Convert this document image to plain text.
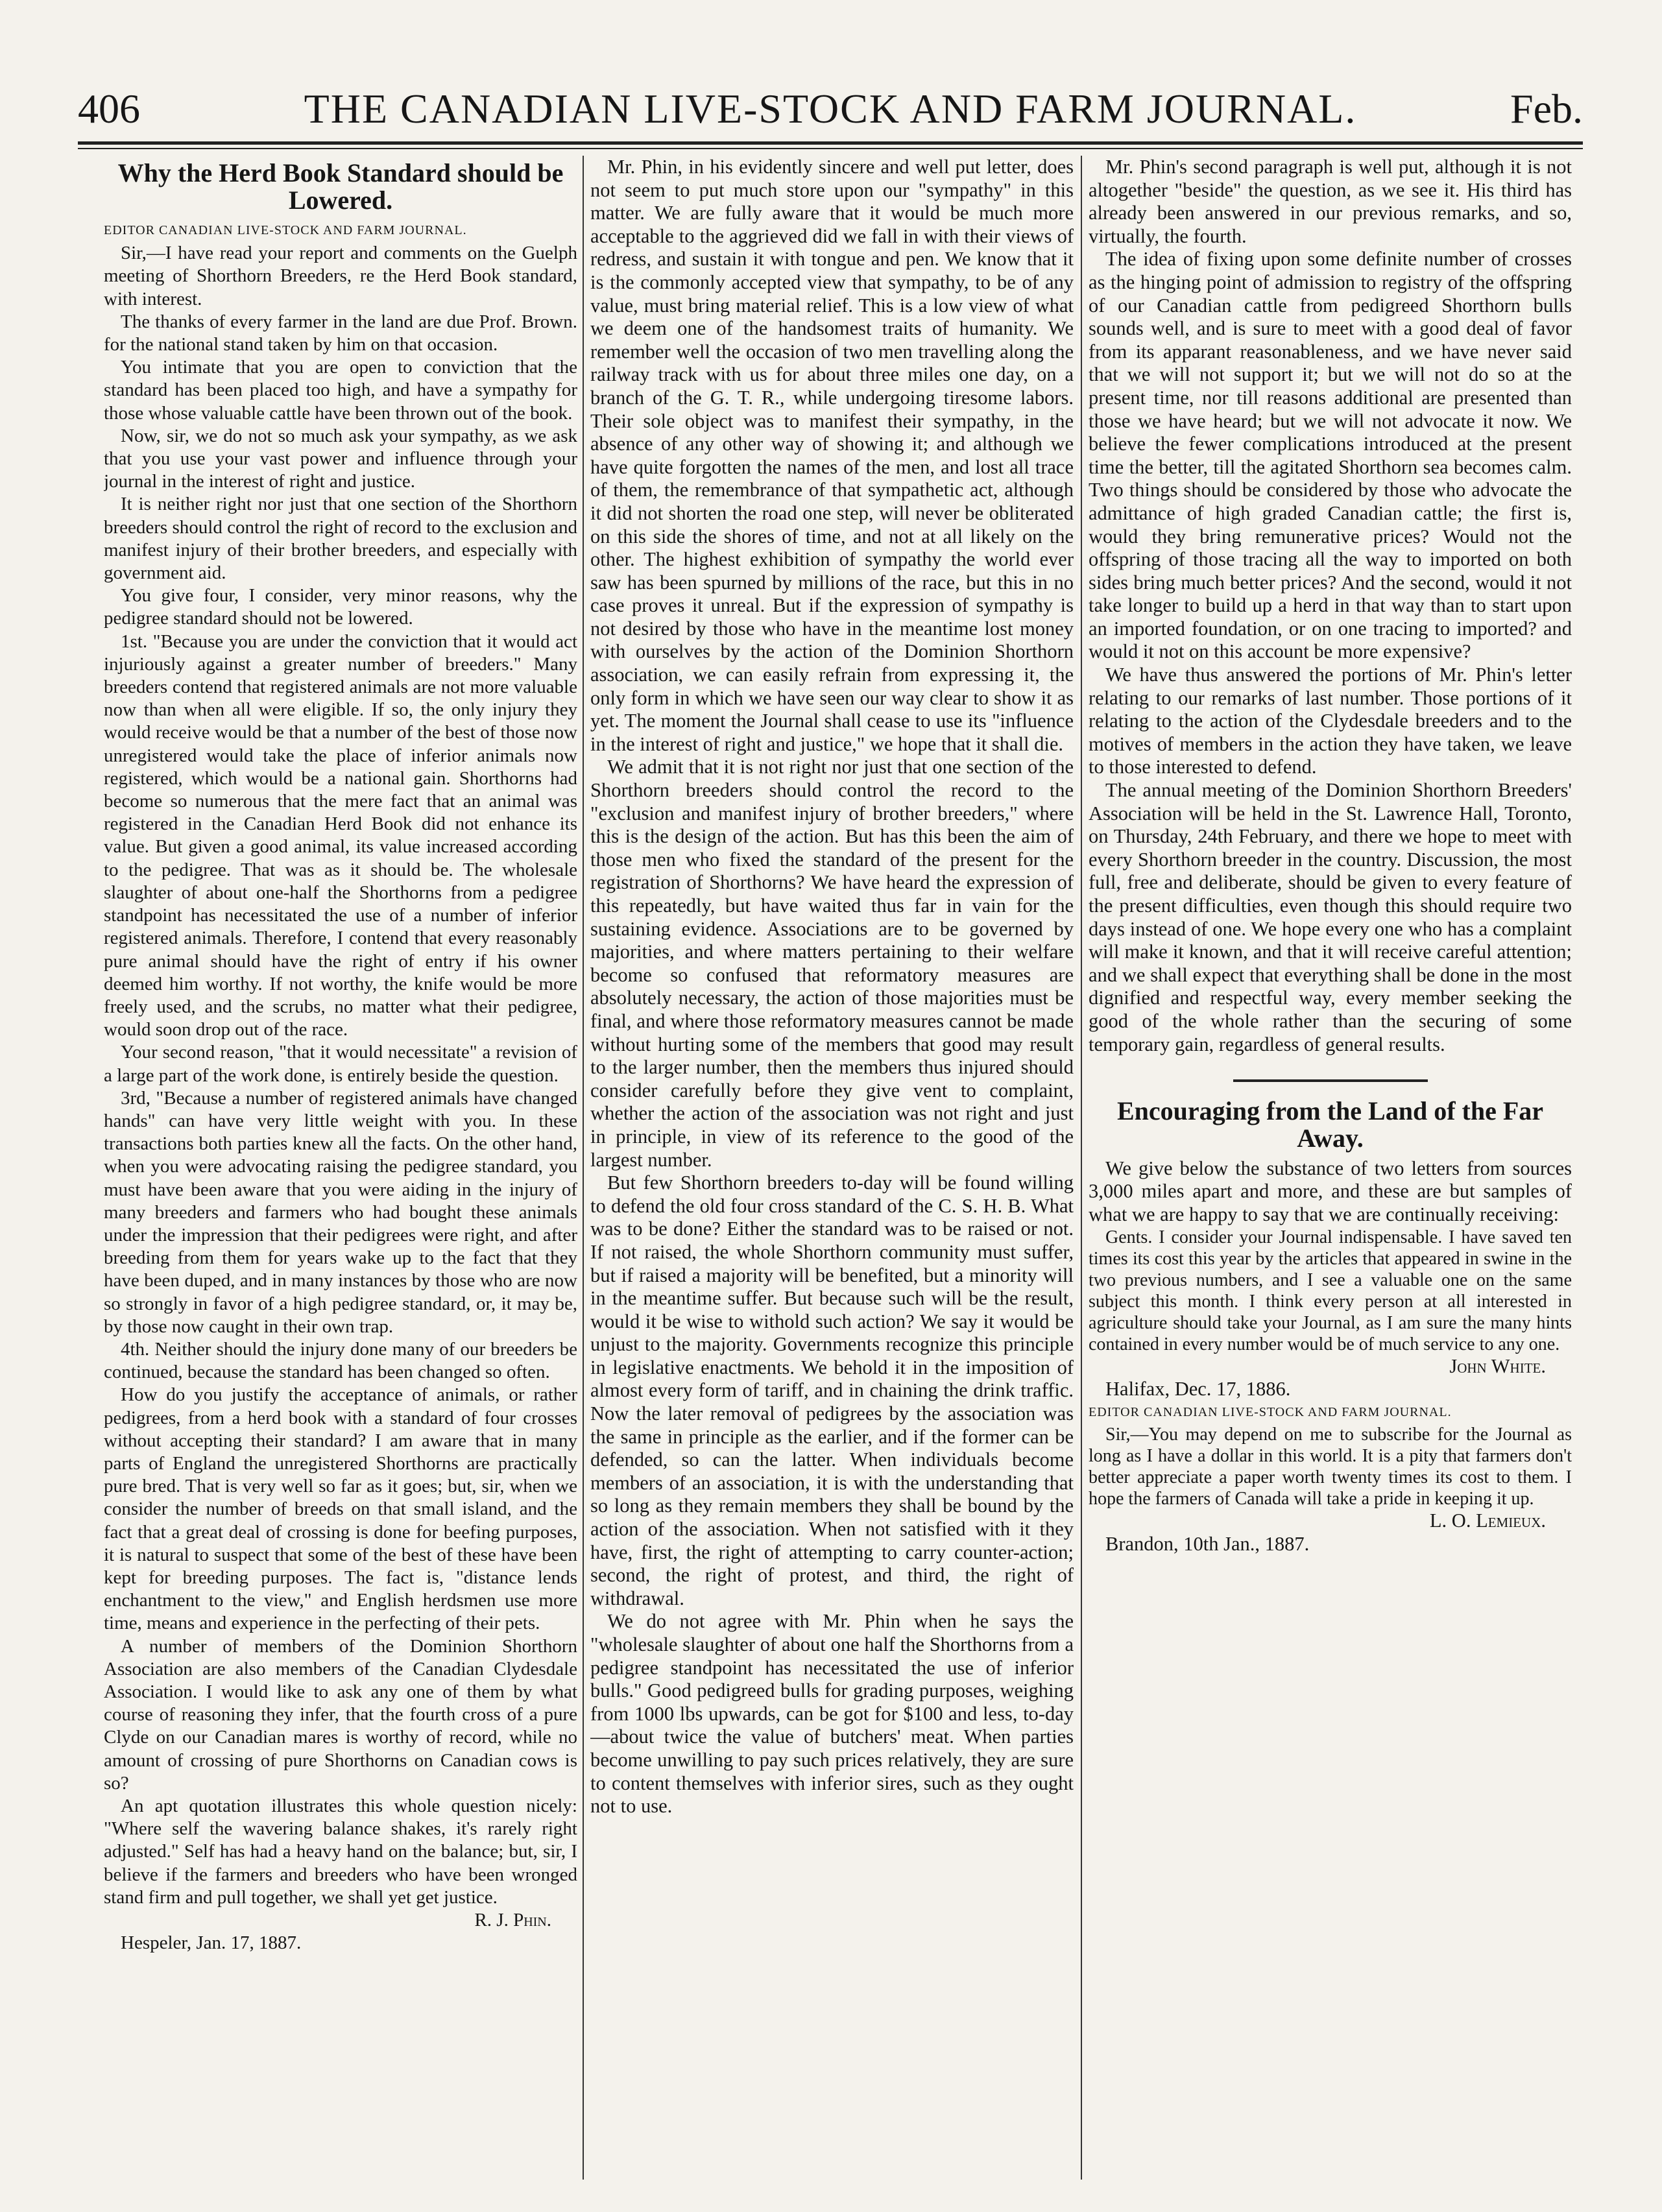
406	THE CANADIAN LIVE-STOCK AND FARM JOURNAL.	Feb.
Why the Herd Book Standard should be Lowered.

EDITOR CANADIAN LIVE-STOCK AND FARM JOURNAL.

Sir,—I have read your report and comments on the Guelph meeting of Shorthorn Breeders, re the Herd Book standard, with interest.

The thanks of every farmer in the land are due Prof. Brown. for the national stand taken by him on that occasion.

You intimate that you are open to conviction that the standard has been placed too high, and have a sympathy for those whose valuable cattle have been thrown out of the book.

Now, sir, we do not so much ask your sympathy, as we ask that you use your vast power and influence through your journal in the interest of right and justice.

It is neither right nor just that one section of the Shorthorn breeders should control the right of record to the exclusion and manifest injury of their brother breeders, and especially with government aid.

You give four, I consider, very minor reasons, why the pedigree standard should not be lowered.

1st. "Because you are under the conviction that it would act injuriously against a greater number of breeders." Many breeders contend that registered animals are not more valuable now than when all were eligible. If so, the only injury they would receive would be that a number of the best of those now unregistered would take the place of inferior animals now registered, which would be a national gain. Shorthorns had become so numerous that the mere fact that an animal was registered in the Canadian Herd Book did not enhance its value. But given a good animal, its value increased according to the pedigree. That was as it should be. The wholesale slaughter of about one-half the Shorthorns from a pedigree standpoint has necessitated the use of a number of inferior registered animals. Therefore, I contend that every reasonably pure animal should have the right of entry if his owner deemed him worthy. If not worthy, the knife would be more freely used, and the scrubs, no matter what their pedigree, would soon drop out of the race.

Your second reason, "that it would necessitate" a revision of a large part of the work done, is entirely beside the question.

3rd, "Because a number of registered animals have changed hands" can have very little weight with you. In these transactions both parties knew all the facts. On the other hand, when you were advocating raising the pedigree standard, you must have been aware that you were aiding in the injury of many breeders and farmers who had bought these animals under the impression that their pedigrees were right, and after breeding from them for years wake up to the fact that they have been duped, and in many instances by those who are now so strongly in favor of a high pedigree standard, or, it may be, by those now caught in their own trap.

4th. Neither should the injury done many of our breeders be continued, because the standard has been changed so often.

How do you justify the acceptance of animals, or rather pedigrees, from a herd book with a standard of four crosses without accepting their standard? I am aware that in many parts of England the unregistered Shorthorns are practically pure bred. That is very well so far as it goes; but, sir, when we consider the number of breeds on that small island, and the fact that a great deal of crossing is done for beefing purposes, it is natural to suspect that some of the best of these have been kept for breeding purposes. The fact is, "distance lends enchantment to the view," and English herdsmen use more time, means and experience in the perfecting of their pets.

A number of members of the Dominion Shorthorn Association are also members of the Canadian Clydesdale Association. I would like to ask any one of them by what course of reasoning they infer, that the fourth cross of a pure Clyde on our Canadian mares is worthy of record, while no amount of crossing of pure Shorthorns on Canadian cows is so?

An apt quotation illustrates this whole question nicely: "Where self the wavering balance shakes, it's rarely right adjusted." Self has had a heavy hand on the balance; but, sir, I believe if the farmers and breeders who have been wronged stand firm and pull together, we shall yet get justice.

R. J. Phin.

Hespeler, Jan. 17, 1887.

Mr. Phin, in his evidently sincere and well put letter, does not seem to put much store upon our "sympathy" in this matter. We are fully aware that it would be much more acceptable to the aggrieved did we fall in with their views of redress, and sustain it with tongue and pen. We know that it is the commonly accepted view that sympathy, to be of any value, must bring material relief. This is a low view of what we deem one of the handsomest traits of humanity. We remember well the occasion of two men travelling along the railway track with us for about three miles one day, on a branch of the G. T. R., while undergoing tiresome labors. Their sole object was to manifest their sympathy, in the absence of any other way of showing it; and although we have quite forgotten the names of the men, and lost all trace of them, the remembrance of that sympathetic act, although it did not shorten the road one step, will never be obliterated on this side the shores of time, and not at all likely on the other. The highest exhibition of sympathy the world ever saw has been spurned by millions of the race, but this in no case proves it unreal. But if the expression of sympathy is not desired by those who have in the meantime lost money with ourselves by the action of the Dominion Shorthorn association, we can easily refrain from expressing it, the only form in which we have seen our way clear to show it as yet. The moment the Journal shall cease to use its "influence in the interest of right and justice," we hope that it shall die.

We admit that it is not right nor just that one section of the Shorthorn breeders should control the record to the "exclusion and manifest injury of brother breeders," where this is the design of the action. But has this been the aim of those men who fixed the standard of the present for the registration of Shorthorns? We have heard the expression of this repeatedly, but have waited thus far in vain for the sustaining evidence. Associations are to be governed by majorities, and where matters pertaining to their welfare become so confused that reformatory measures are absolutely necessary, the action of those majorities must be final, and where those reformatory measures cannot be made without hurting some of the members that good may result to the larger number, then the members thus injured should consider carefully before they give vent to complaint, whether the action of the association was not right and just in principle, in view of its reference to the good of the largest number.

But few Shorthorn breeders to-day will be found willing to defend the old four cross standard of the C. S. H. B. What was to be done? Either the standard was to be raised or not. If not raised, the whole Shorthorn community must suffer, but if raised a majority will be benefited, but a minority will in the meantime suffer. But because such will be the result, would it be wise to withold such action? We say it would be unjust to the majority. Governments recognize this principle in legislative enactments. We behold it in the imposition of almost every form of tariff, and in chaining the drink traffic. Now the later removal of pedigrees by the association was the same in principle as the earlier, and if the former can be defended, so can the latter. When individuals become members of an association, it is with the understanding that so long as they remain members they shall be bound by the action of the association. When not satisfied with it they have, first, the right of attempting to carry counter-action; second, the right of protest, and third, the right of withdrawal.

We do not agree with Mr. Phin when he says the "wholesale slaughter of about one half the Shorthorns from a pedigree standpoint has necessitated the use of inferior bulls." Good pedigreed bulls for grading purposes, weighing from 1000 lbs upwards, can be got for $100 and less, to-day—about twice the value of butchers' meat. When parties become unwilling to pay such prices relatively, they are sure to content themselves with inferior sires, such as they ought not to use.

Mr. Phin's second paragraph is well put, although it is not altogether "beside" the question, as we see it. His third has already been answered in our previous remarks, and so, virtually, the fourth.

The idea of fixing upon some definite number of crosses as the hinging point of admission to registry of the offspring of our Canadian cattle from pedigreed Shorthorn bulls sounds well, and is sure to meet with a good deal of favor from its apparant reasonableness, and we have never said that we will not support it; but we will not do so at the present time, nor till reasons additional are presented than those we have heard; but we will not advocate it now. We believe the fewer complications introduced at the present time the better, till the agitated Shorthorn sea becomes calm. Two things should be considered by those who advocate the admittance of high graded Canadian cattle; the first is, would they bring remunerative prices? Would not the offspring of those tracing all the way to imported on both sides bring much better prices? And the second, would it not take longer to build up a herd in that way than to start upon an imported foundation, or on one tracing to imported? and would it not on this account be more expensive?

We have thus answered the portions of Mr. Phin's letter relating to our remarks of last number. Those portions of it relating to the action of the Clydesdale breeders and to the motives of members in the action they have taken, we leave to those interested to defend.

The annual meeting of the Dominion Shorthorn Breeders' Association will be held in the St. Lawrence Hall, Toronto, on Thursday, 24th February, and there we hope to meet with every Shorthorn breeder in the country. Discussion, the most full, free and deliberate, should be given to every feature of the present difficulties, even though this should require two days instead of one. We hope every one who has a complaint will make it known, and that it will receive careful attention; and we shall expect that everything shall be done in the most dignified and respectful way, every member seeking the good of the whole rather than the securing of some temporary gain, regardless of general results.

Encouraging from the Land of the Far Away.

We give below the substance of two letters from sources 3,000 miles apart and more, and these are but samples of what we are happy to say that we are continually receiving:

Gents. I consider your Journal indispensable. I have saved ten times its cost this year by the articles that appeared in swine in the two previous numbers, and I see a valuable one on the same subject this month. I think every person at all interested in agriculture should take your Journal, as I am sure the many hints contained in every number would be of much service to any one.

John White.

Halifax, Dec. 17, 1886.

EDITOR CANADIAN LIVE-STOCK AND FARM JOURNAL.

Sir,—You may depend on me to subscribe for the Journal as long as I have a dollar in this world. It is a pity that farmers don't better appreciate a paper worth twenty times its cost to them. I hope the farmers of Canada will take a pride in keeping it up.

L. O. Lemieux.

Brandon, 10th Jan., 1887.
